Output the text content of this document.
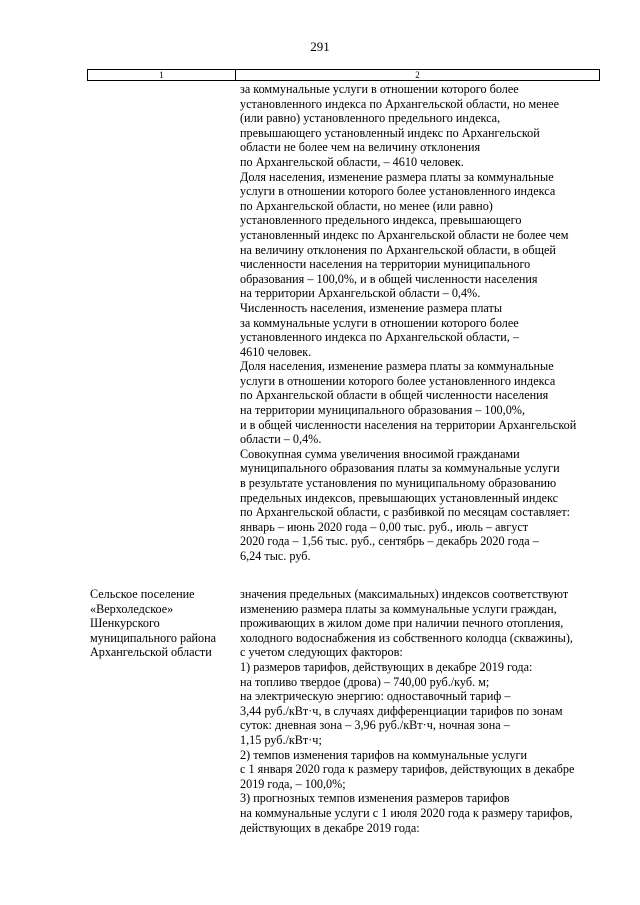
291
1	2
за коммунальные услуги в отношении которого более
установленного индекса по Архангельской области, но менее
(или равно) установленного предельного индекса,
превышающего установленный индекс по Архангельской
области не более чем на величину отклонения
по Архангельской области, – 4610 человек.
Доля населения, изменение размера платы за коммунальные
услуги в отношении которого более установленного индекса
по Архангельской области, но менее (или равно)
установленного предельного индекса, превышающего
установленный индекс по Архангельской области не более чем
на величину отклонения по Архангельской области, в общей
численности населения на территории муниципального
образования – 100,0%, и в общей численности населения
на территории Архангельской области – 0,4%.
Численность населения, изменение размера платы
за коммунальные услуги в отношении которого более
установленного индекса по Архангельской области, –
4610 человек.
Доля населения, изменение размера платы за коммунальные
услуги в отношении которого более установленного индекса
по Архангельской области в общей численности населения
на территории муниципального образования – 100,0%,
и в общей численности населения на территории Архангельской
области – 0,4%.
Совокупная сумма увеличения вносимой гражданами
муниципального образования платы за коммунальные услуги
в результате установления по муниципальному образованию
предельных индексов, превышающих установленный индекс
по Архангельской области, с разбивкой по месяцам составляет:
январь – июнь 2020 года – 0,00 тыс. руб., июль – август
2020 года – 1,56 тыс. руб., сентябрь – декабрь 2020 года –
6,24 тыс. руб.
Сельское поселение
«Верхоледское»
Шенкурского
муниципального района
Архангельской области
значения предельных (максимальных) индексов соответствуют
изменению размера платы за коммунальные услуги граждан,
проживающих в жилом доме при наличии печного отопления,
холодного водоснабжения из собственного колодца (скважины),
с учетом следующих факторов:
1) размеров тарифов, действующих в декабре 2019 года:
на топливо твердое (дрова) – 740,00 руб./куб. м;
на электрическую энергию: одноставочный тариф –
3,44 руб./кВт·ч, в случаях дифференциации тарифов по зонам
суток: дневная зона – 3,96 руб./кВт·ч, ночная зона –
1,15 руб./кВт·ч;
2) темпов изменения тарифов на коммунальные услуги
с 1 января 2020 года к размеру тарифов, действующих в декабре
2019 года, – 100,0%;
3) прогнозных темпов изменения размеров тарифов
на коммунальные услуги с 1 июля 2020 года к размеру тарифов,
действующих в декабре 2019 года:
